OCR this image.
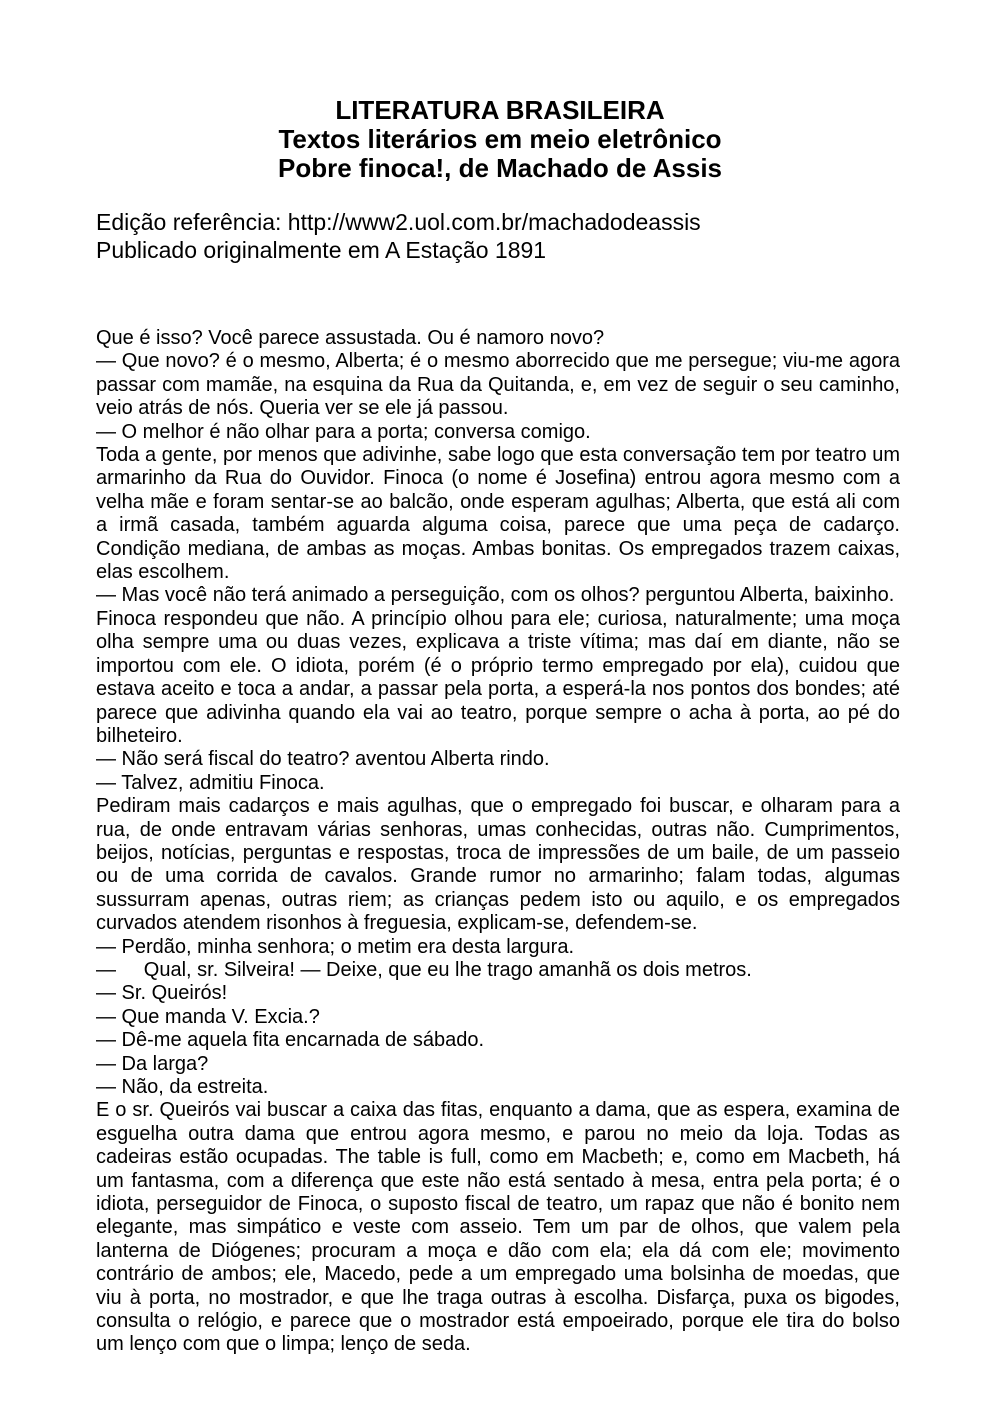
LITERATURA BRASILEIRA
Textos literários em meio eletrônico
Pobre finoca!, de Machado de Assis
Edição referência: http://www2.uol.com.br/machadodeassis
Publicado originalmente em A Estação 1891

Que é isso? Você parece assustada. Ou é namoro novo?

— Que novo? é o mesmo, Alberta; é o mesmo aborrecido que me persegue; viu-me agora passar com mamãe, na esquina da Rua da Quitanda, e, em vez de seguir o seu caminho, veio atrás de nós. Queria ver se ele já passou.

— O melhor é não olhar para a porta; conversa comigo.

Toda a gente, por menos que adivinhe, sabe logo que esta conversação tem por teatro um armarinho da Rua do Ouvidor. Finoca (o nome é Josefina) entrou agora mesmo com a velha mãe e foram sentar-se ao balcão, onde esperam agulhas; Alberta, que está ali com a irmã casada, também aguarda alguma coisa, parece que uma peça de cadarço. Condição mediana, de ambas as moças. Ambas bonitas. Os empregados trazem caixas, elas escolhem.

— Mas você não terá animado a perseguição, com os olhos? perguntou Alberta, baixinho.

Finoca respondeu que não. A princípio olhou para ele; curiosa, naturalmente; uma moça olha sempre uma ou duas vezes, explicava a triste vítima; mas daí em diante, não se importou com ele. O idiota, porém (é o próprio termo empregado por ela), cuidou que estava aceito e toca a andar, a passar pela porta, a esperá-la nos pontos dos bondes; até parece que adivinha quando ela vai ao teatro, porque sempre o acha à porta, ao pé do bilheteiro.

— Não será fiscal do teatro? aventou Alberta rindo.

— Talvez, admitiu Finoca.

Pediram mais cadarços e mais agulhas, que o empregado foi buscar, e olharam para a rua, de onde entravam várias senhoras, umas conhecidas, outras não. Cumprimentos, beijos, notícias, perguntas e respostas, troca de impressões de um baile, de um passeio ou de uma corrida de cavalos. Grande rumor no armarinho; falam todas, algumas sussurram apenas, outras riem; as crianças pedem isto ou aquilo, e os empregados curvados atendem risonhos à freguesia, explicam-se, defendem-se.

— Perdão, minha senhora; o metim era desta largura.

—     Qual, sr. Silveira! — Deixe, que eu lhe trago amanhã os dois metros.

— Sr. Queirós!

— Que manda V. Excia.?

— Dê-me aquela fita encarnada de sábado.

— Da larga?

— Não, da estreita.

E o sr. Queirós vai buscar a caixa das fitas, enquanto a dama, que as espera, examina de esguelha outra dama que entrou agora mesmo, e parou no meio da loja. Todas as cadeiras estão ocupadas. The table is full, como em Macbeth; e, como em Macbeth, há um fantasma, com a diferença que este não está sentado à mesa, entra pela porta; é o idiota, perseguidor de Finoca, o suposto fiscal de teatro, um rapaz que não é bonito nem elegante, mas simpático e veste com asseio. Tem um par de olhos, que valem pela lanterna de Diógenes; procuram a moça e dão com ela; ela dá com ele; movimento contrário de ambos; ele, Macedo, pede a um empregado uma bolsinha de moedas, que viu à porta, no mostrador, e que lhe traga outras à escolha. Disfarça, puxa os bigodes, consulta o relógio, e parece que o mostrador está empoeirado, porque ele tira do bolso um lenço com que o limpa; lenço de seda.
